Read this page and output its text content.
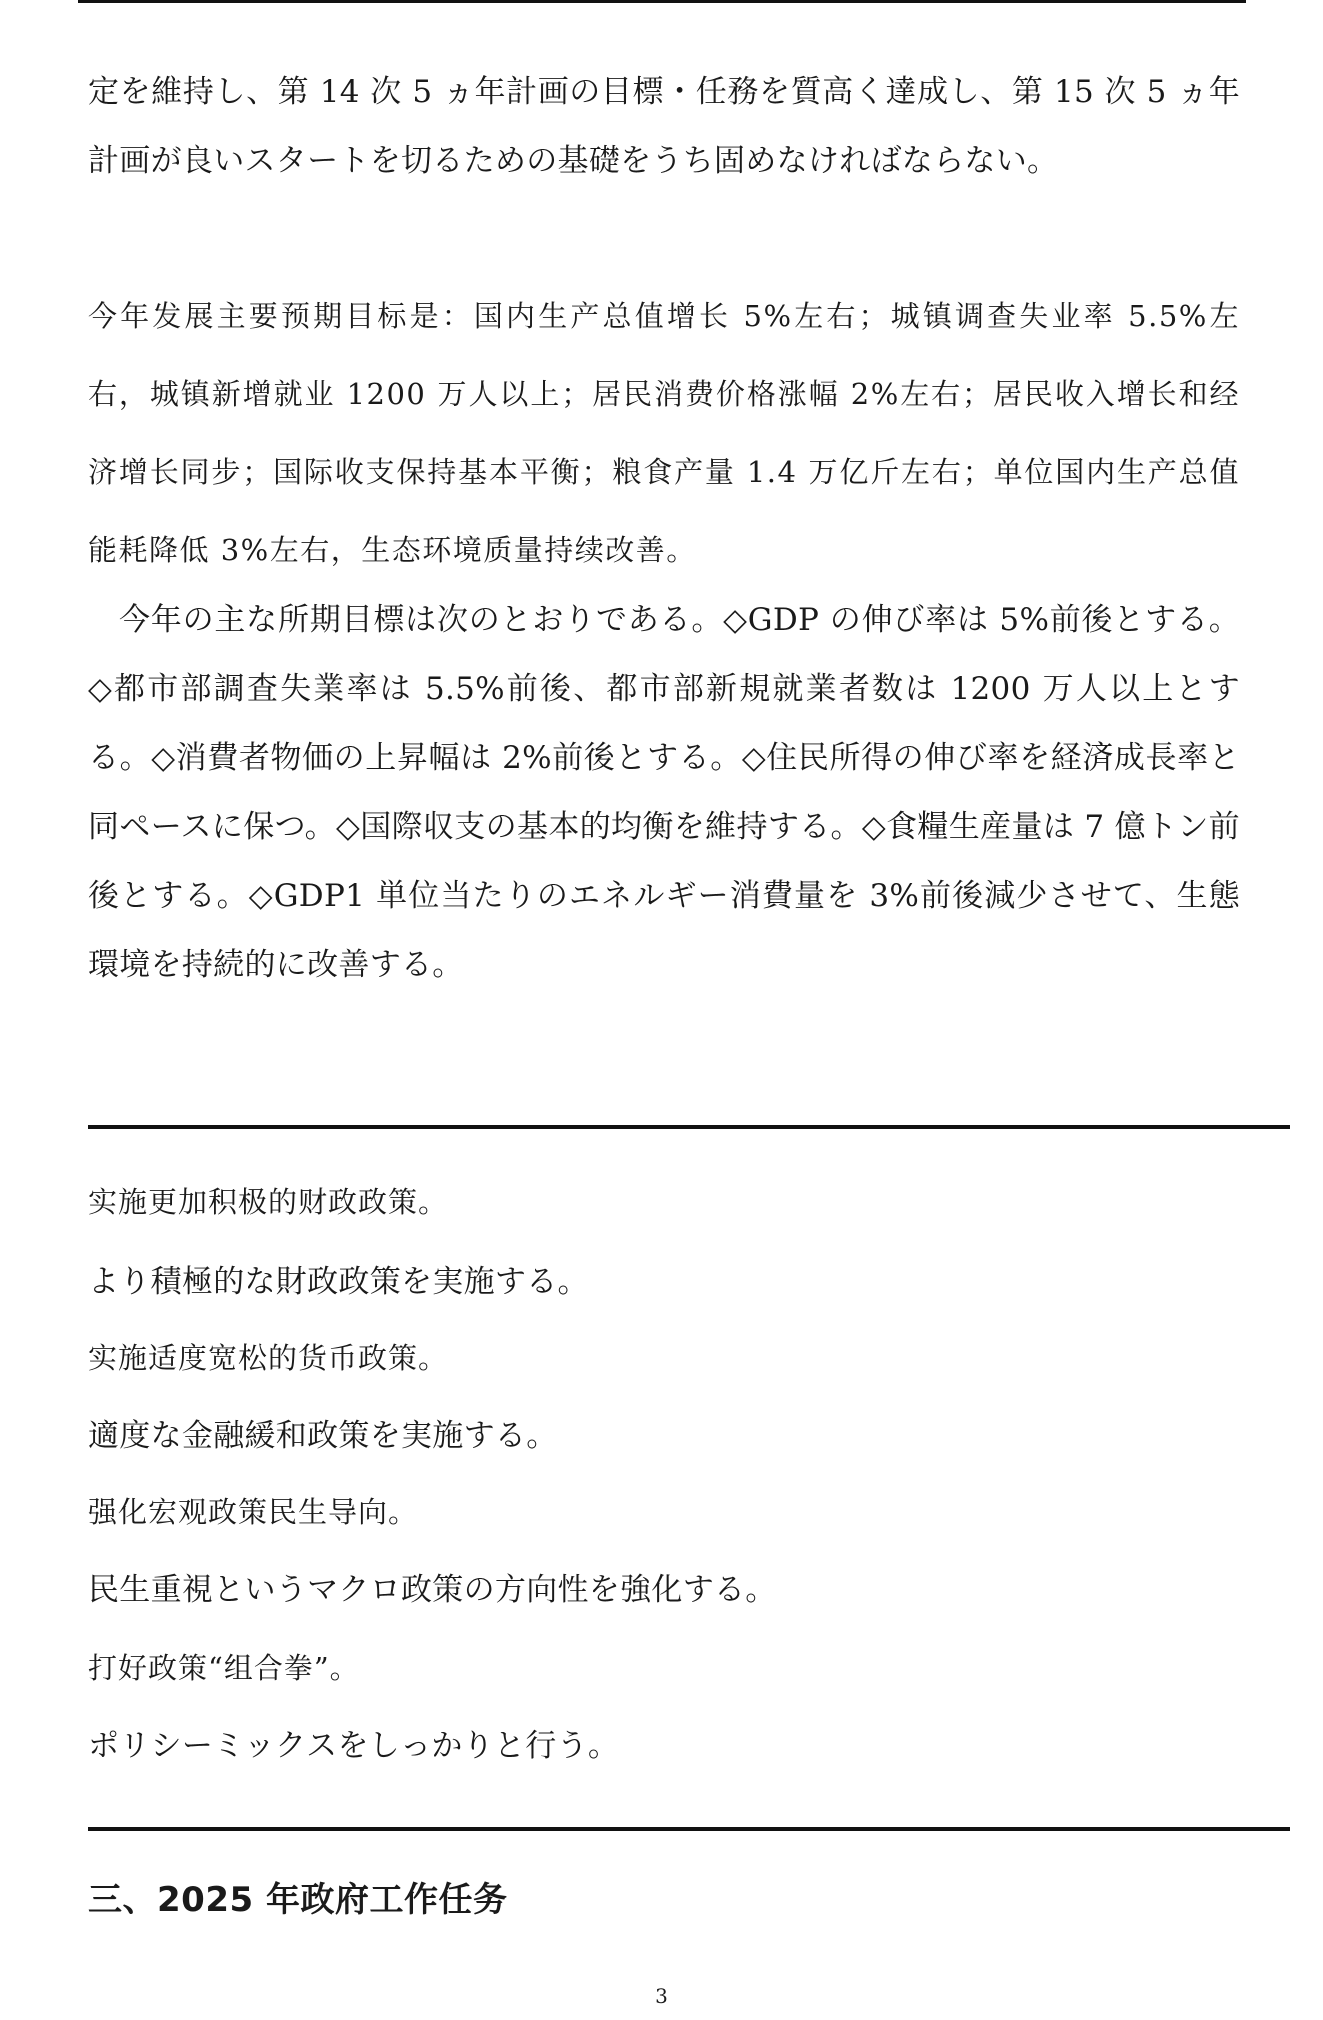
定を維持し、第 14 次 5 ヵ年計画の目標・任務を質高く達成し、第 15 次 5 ヵ年計画が良いスタートを切るための基礎をうち固めなければならない。

今年发展主要预期目标是：国内生产总值增长 5%左右；城镇调查失业率 5.5%左右，城镇新增就业 1200 万人以上；居民消费价格涨幅 2%左右；居民收入增长和经济增长同步；国际收支保持基本平衡；粮食产量 1.4 万亿斤左右；单位国内生产总值能耗降低 3%左右，生态环境质量持续改善。

今年の主な所期目標は次のとおりである。◇GDP の伸び率は 5%前後とする。◇都市部調査失業率は 5.5%前後、都市部新規就業者数は 1200 万人以上とする。◇消費者物価の上昇幅は 2%前後とする。◇住民所得の伸び率を経済成長率と同ペースに保つ。◇国際収支の基本的均衡を維持する。◇食糧生産量は 7 億トン前後とする。◇GDP1 単位当たりのエネルギー消費量を 3%前後減少させて、生態環境を持続的に改善する。

实施更加积极的财政政策。

より積極的な財政政策を実施する。

实施适度宽松的货币政策。

適度な金融緩和政策を実施する。

强化宏观政策民生导向。

民生重視というマクロ政策の方向性を強化する。

打好政策“组合拳”。

ポリシーミックスをしっかりと行う。

三、2025 年政府工作任务

3
